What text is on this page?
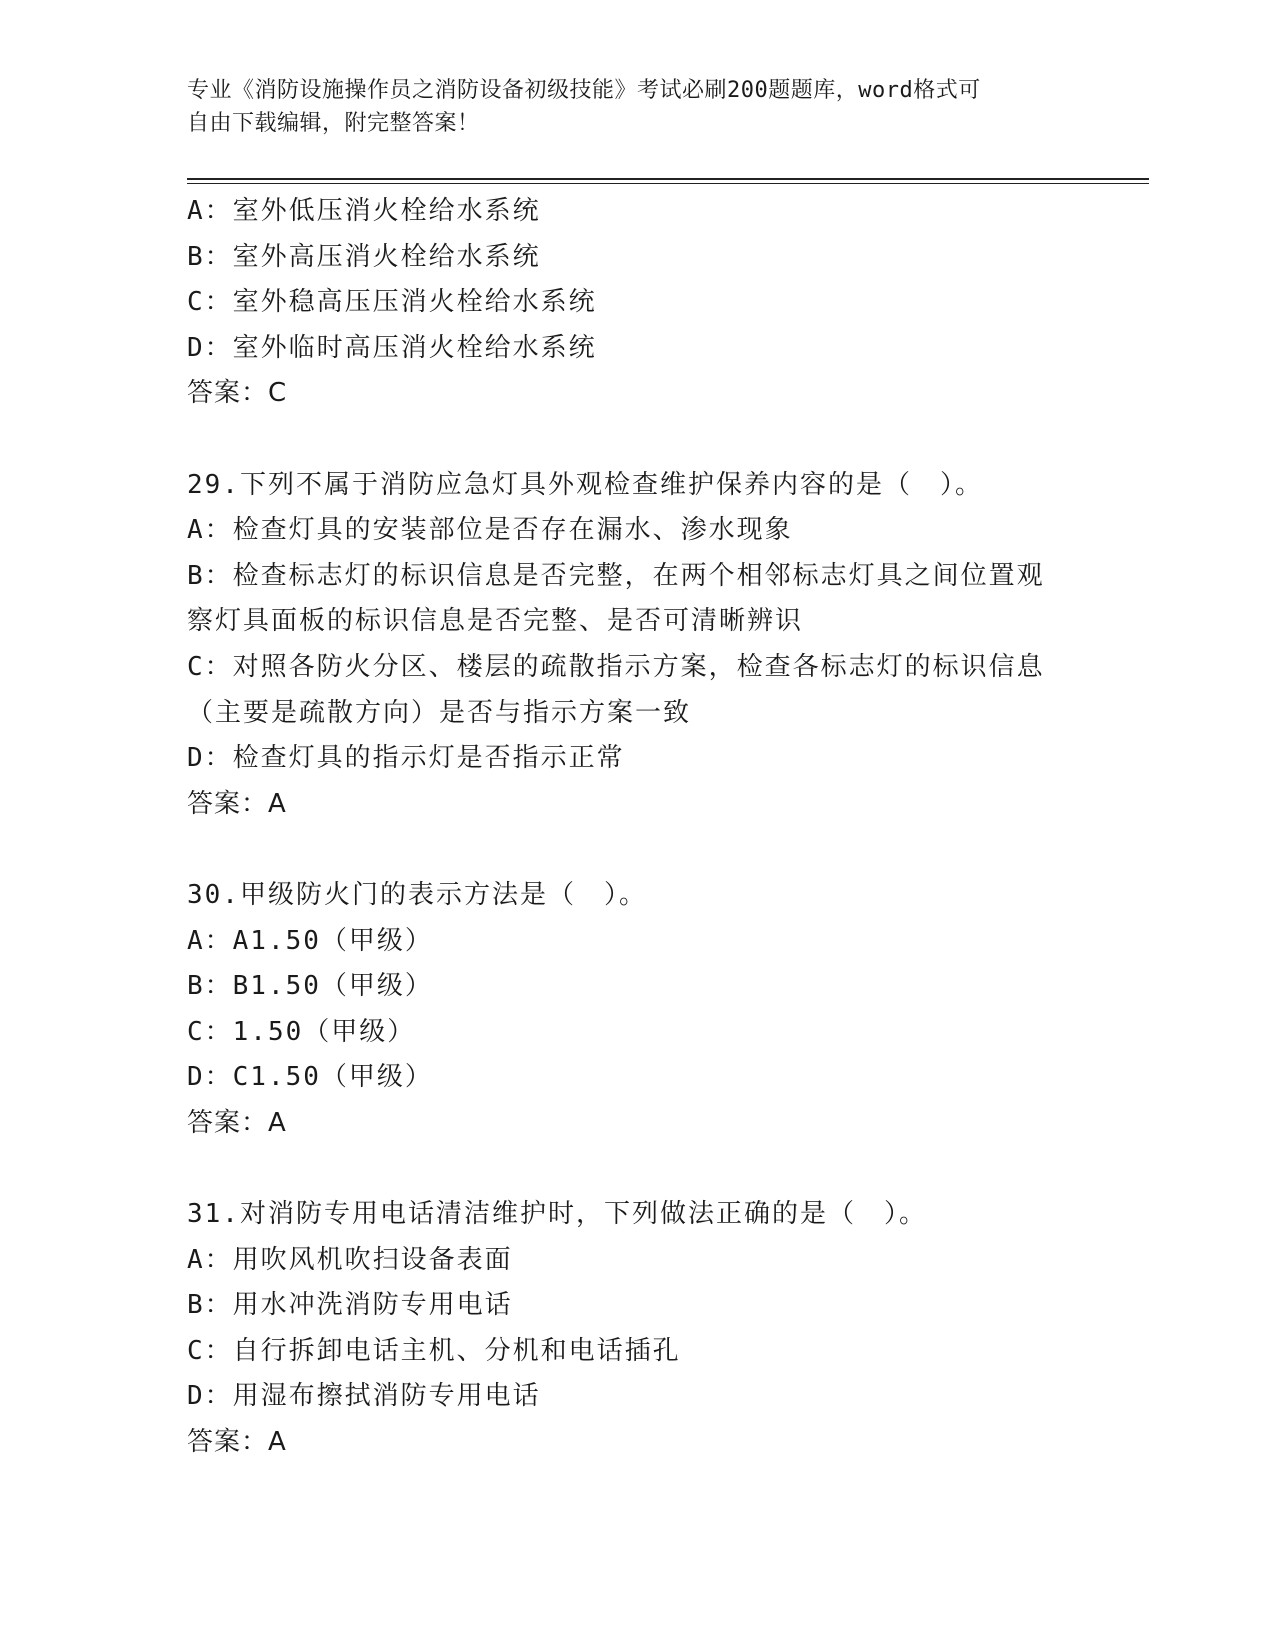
专业《消防设施操作员之消防设备初级技能》考试必刷200题题库，word格式可
自由下载编辑，附完整答案！
A：室外低压消火栓给水系统
B：室外高压消火栓给水系统
C：室外稳高压压消火栓给水系统
D：室外临时高压消火栓给水系统
答案：C
29.下列不属于消防应急灯具外观检查维护保养内容的是（　）。
A：检查灯具的安装部位是否存在漏水、渗水现象
B：检查标志灯的标识信息是否完整，在两个相邻标志灯具之间位置观
察灯具面板的标识信息是否完整、是否可清晰辨识
C：对照各防火分区、楼层的疏散指示方案，检查各标志灯的标识信息
（主要是疏散方向）是否与指示方案一致
D：检查灯具的指示灯是否指示正常
答案：A
30.甲级防火门的表示方法是（　）。
A：A1.50（甲级）
B：B1.50（甲级）
C：1.50（甲级）
D：C1.50（甲级）
答案：A
31.对消防专用电话清洁维护时，下列做法正确的是（　）。
A：用吹风机吹扫设备表面
B：用水冲洗消防专用电话
C：自行拆卸电话主机、分机和电话插孔
D：用湿布擦拭消防专用电话
答案：A
